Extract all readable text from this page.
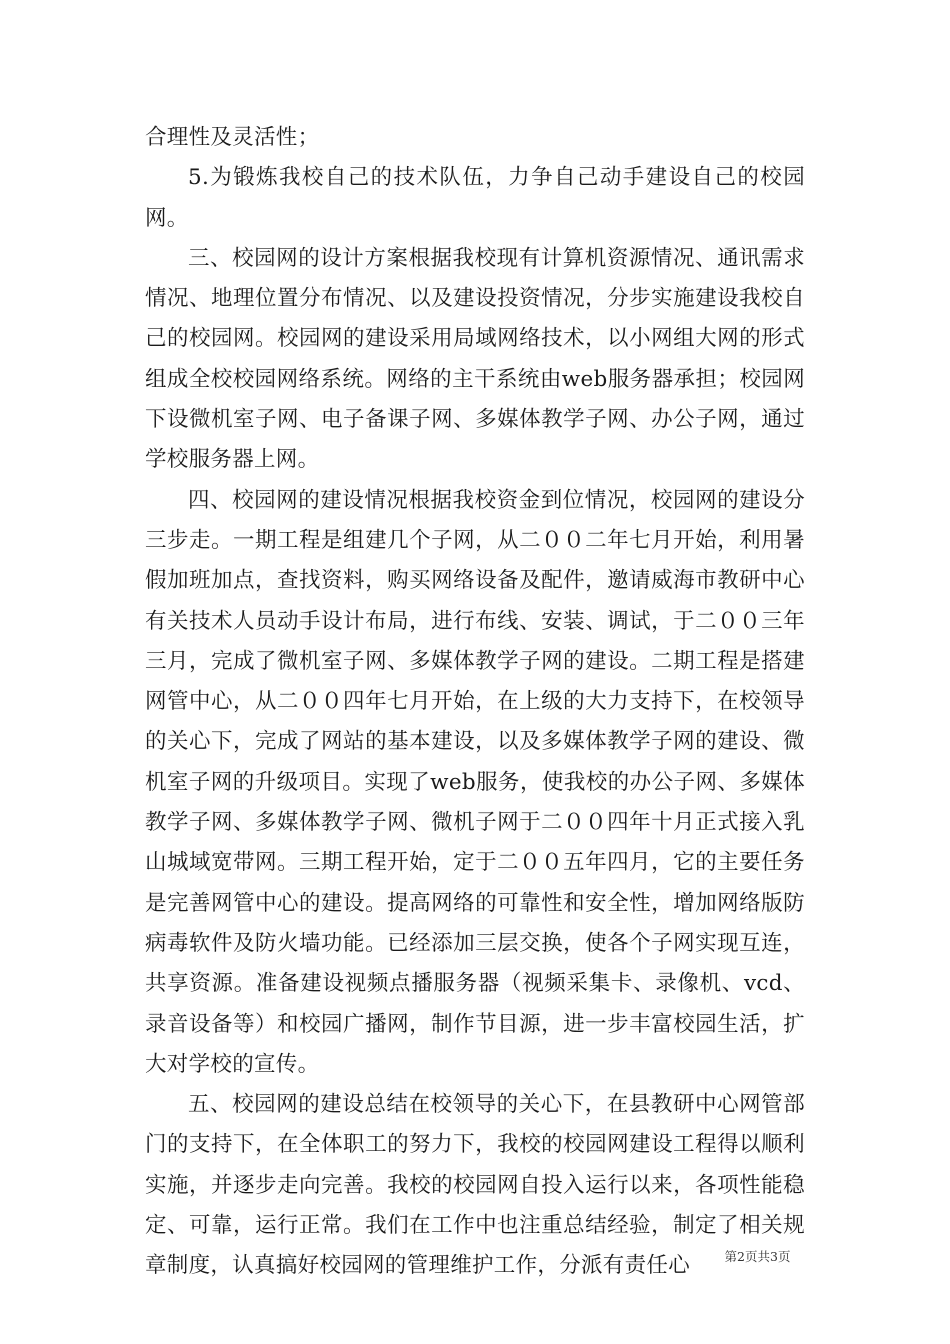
合理性及灵活性；

5.为锻炼我校自己的技术队伍，力争自己动手建设自己的校园网。

三、校园网的设计方案根据我校现有计算机资源情况、通讯需求情况、地理位置分布情况、以及建设投资情况，分步实施建设我校自己的校园网。校园网的建设采用局域网络技术，以小网组大网的形式组成全校校园网络系统。网络的主干系统由web服务器承担；校园网下设微机室子网、电子备课子网、多媒体教学子网、办公子网，通过学校服务器上网。

四、校园网的建设情况根据我校资金到位情况，校园网的建设分三步走。一期工程是组建几个子网，从二００二年七月开始，利用暑假加班加点，查找资料，购买网络设备及配件，邀请威海市教研中心有关技术人员动手设计布局，进行布线、安装、调试，于二００三年三月，完成了微机室子网、多媒体教学子网的建设。二期工程是搭建网管中心，从二００四年七月开始，在上级的大力支持下，在校领导的关心下，完成了网站的基本建设，以及多媒体教学子网的建设、微机室子网的升级项目。实现了web服务，使我校的办公子网、多媒体教学子网、多媒体教学子网、微机子网于二００四年十月正式接入乳山城域宽带网。三期工程开始，定于二００五年四月，它的主要任务是完善网管中心的建设。提高网络的可靠性和安全性，增加网络版防病毒软件及防火墙功能。已经添加三层交换，使各个子网实现互连，共享资源。准备建设视频点播服务器（视频采集卡、录像机、vcd、录音设备等）和校园广播网，制作节目源，进一步丰富校园生活，扩大对学校的宣传。

五、校园网的建设总结在校领导的关心下，在县教研中心网管部门的支持下，在全体职工的努力下，我校的校园网建设工程得以顺利实施，并逐步走向完善。我校的校园网自投入运行以来，各项性能稳定、可靠，运行正常。我们在工作中也注重总结经验，制定了相关规章制度，认真搞好校园网的管理维护工作，分派有责任心	第2页共3页
